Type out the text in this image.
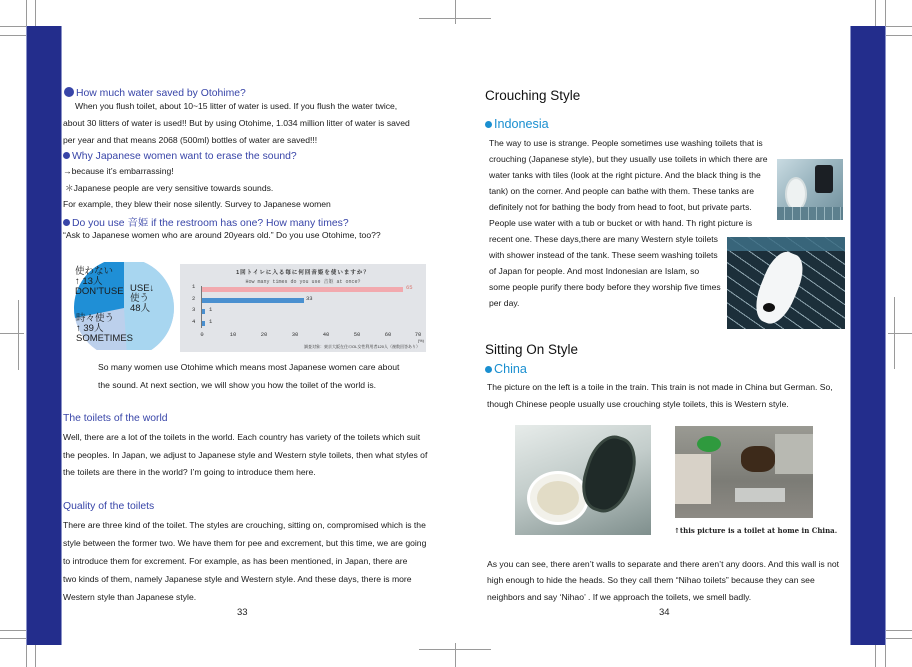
How much water saved by Otohime?
When you flush toilet, about 10~15 litter of water is used. If you flush the water twice,
about 30 litters of water is used!! But by using Otohime, 1.034 million litter of water is saved
per year and that means 2068 (500ml) bottles of water are saved!!!
Why Japanese women want to erase the sound?
→because it’s embarrassing!
＊Japanese people are very sensitive towards sounds.
For example, they blew their nose silently. Survey to Japanese women
Do you use 音姫 if the restroom has one? How many times?
“Ask to Japanese women who are around 20years old.” Do you use Otohime, too??
使わない
↑ 13人
DON’TUSE USE↓
使う
48人
時々使う
↑ 39人
SOMETIMES
1回トイレに入る毎に何回音姫を使いますか？
How many times do you use 音姫 at once?
1
2
3
4
65
33
1
1
0	10	20	30	40	50	60	70
(%)
調査対象：東京大阪在住のOL女性利用者120人（複数回答あり）
So many women use Otohime which means most Japanese women care about
the sound. At next section, we will show you how the toilet of the world is.
The toilets of the world
Well, there are a lot of the toilets in the world. Each country has variety of the toilets which suit
the peoples. In Japan, we adjust to Japanese style and Western style toilets, then what styles of
the toilets are there in the world? I’m going to introduce them here.
Quality of the toilets
There are three kind of the toilet. The styles are crouching, sitting on, compromised which is the
style between the former two. We have them for pee and excrement, but this time, we are going
to introduce them for excrement. For example, as has been mentioned, in Japan, there are
two kinds of them, namely Japanese style and Western style. And these days, there is more
Western style than Japanese style.
33
Crouching Style
Indonesia
The way to use is strange. People sometimes use washing toilets that is
crouching (Japanese style), but they usually use toilets in which there are
water tanks with tiles (look at the right picture. And the black thing is the
tank) on the corner. And people can bathe with them. These tanks are
definitely not for bathing the body from head to foot, but private parts.
People use water with a tub or bucket or with hand. Th right picture is
recent one. These days,there are many Western style toilets
with shower instead of the tank. These seem washing toilets
of Japan for people. And most Indonesian are Islam, so
some people purify there body before they worship five times
per day.
Sitting On Style
China
The picture on the left is a toile in the train. This train is not made in China but German. So,
though Chinese people usually use crouching style toilets, this is Western style.
↑this picture is a toilet at home in China.
As you can see, there aren’t walls to separate and there aren’t any doors. And this wall is not
high enough to hide the heads. So they call them “Nihao toilets” because they can see
neighbors and say ‘Nihao’ . If we approach the toilets, we smell badly.
34
